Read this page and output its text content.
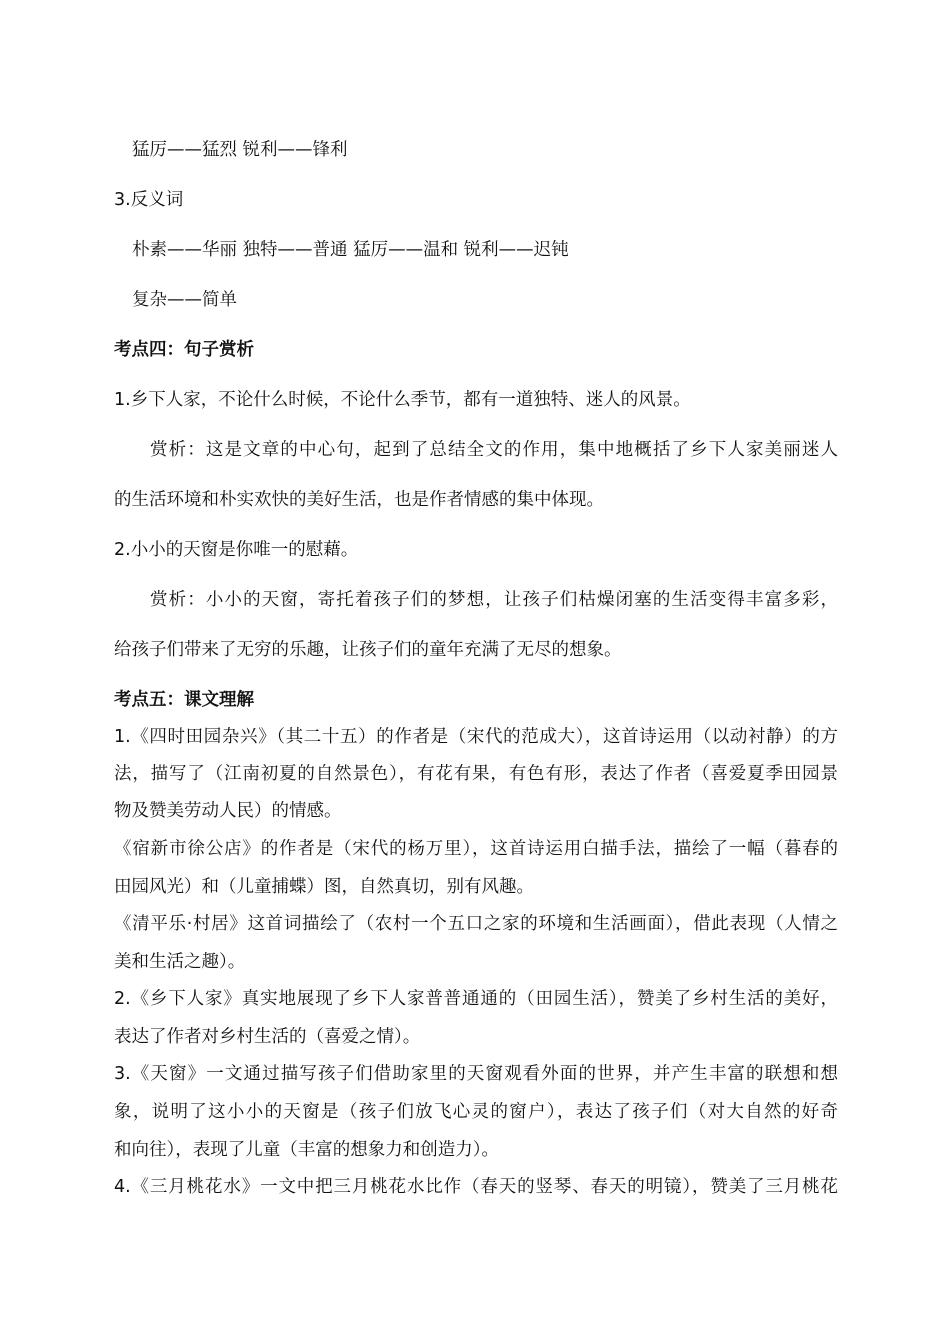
猛厉——猛烈 锐利——锋利
3.反义词
朴素——华丽 独特——普通 猛厉——温和 锐利——迟钝
复杂——简单
考点四：句子赏析
1.乡下人家，不论什么时候，不论什么季节，都有一道独特、迷人的风景。
赏析：这是文章的中心句，起到了总结全文的作用，集中地概括了乡下人家美丽迷人
的生活环境和朴实欢快的美好生活，也是作者情感的集中体现。
2.小小的天窗是你唯一的慰藉。
赏析：小小的天窗，寄托着孩子们的梦想，让孩子们枯燥闭塞的生活变得丰富多彩，
给孩子们带来了无穷的乐趣，让孩子们的童年充满了无尽的想象。
考点五：课文理解
1.《四时田园杂兴》（其二十五）的作者是（宋代的范成大），这首诗运用（以动衬静）的方
法，描写了（江南初夏的自然景色），有花有果，有色有形，表达了作者（喜爱夏季田园景
物及赞美劳动人民）的情感。
《宿新市徐公店》的作者是（宋代的杨万里），这首诗运用白描手法，描绘了一幅（暮春的
田园风光）和（儿童捕蝶）图，自然真切，别有风趣。
《清平乐·村居》这首词描绘了（农村一个五口之家的环境和生活画面），借此表现（人情之
美和生活之趣）。
2.《乡下人家》真实地展现了乡下人家普普通通的（田园生活），赞美了乡村生活的美好，
表达了作者对乡村生活的（喜爱之情）。
3.《天窗》一文通过描写孩子们借助家里的天窗观看外面的世界，并产生丰富的联想和想
象，说明了这小小的天窗是（孩子们放飞心灵的窗户），表达了孩子们（对大自然的好奇
和向往），表现了儿童（丰富的想象力和创造力）。
4.《三月桃花水》一文中把三月桃花水比作（春天的竖琴、春天的明镜），赞美了三月桃花
